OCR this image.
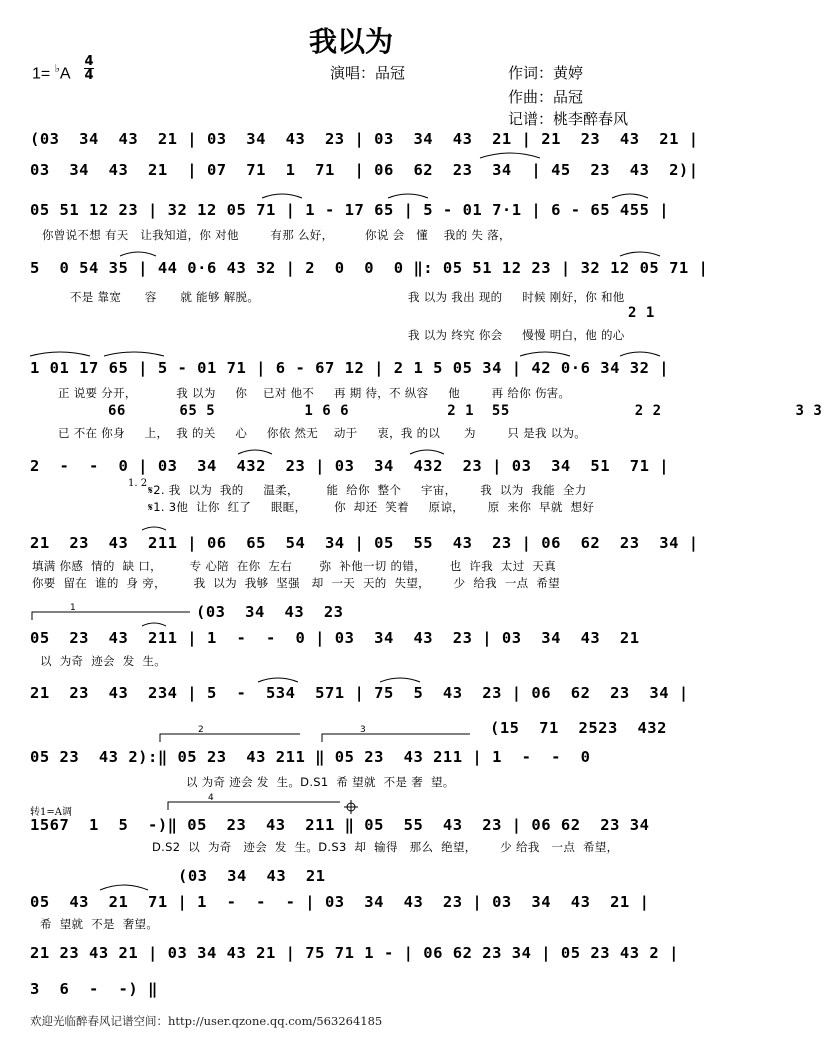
我以为
1= ♭A
4
4	演唱：品冠	作词：黄婷
作曲：品冠
记谱：桃李醉春风
(03  34  43  21 | 03  34  43  23 | 03  34  43  21 | 21  23  43  21 |
03  34  43  21  | 07  71  1  71  | 06  62  23  34  | 45  23  43  2)|
05 51 12 23 | 32 12 05 71 | 1 - 17 65 | 5 - 01 7·1 | 6 - 65 455 |
你曾说不想 有天   让我知道，你 对他        有那 么好，        你说 会   懂    我的 失 落，
5  0 54 35 | 44 0·6 43 32 | 2  0  0  0 ‖: 05 51 12 23 | 32 12 05 71 |
不是 靠宽      容      就 能够 解脱。	我 以为 我出 现的     时候 刚好，你 和他
2 1
我 以为 终究 你会     慢慢 明白，他 的心
1 01 17 65 | 5 - 01 71 | 6 - 67 12 | 2 1 5 05 34 | 42 0·6 34 32 |
正 说要 分开，          我 以为     你    已对 他不     再 期 待，不 纵容     他        再 给你 伤害。
66      65 5          1 6 6           2 1  55              2 2               3 3
已 不在 你身     上，  我 的关     心     你依 然无    动于     衷，我 的以      为        只 是我 以为。
2  -  -  0 | 03  34  432  23 | 03  34  432  23 | 03  34  51  71 |
1. 2 𝄋2. 我  以为  我的     温柔，       能  给你  整个     宇宙，      我  以为  我能  全力
𝄋1. 3他  让你  红了     眼眶，       你  却还  笑着     原谅，      原  来你  早就  想好
21  23  43  211 | 06  65  54  34 | 05  55  43  23 | 06  62  23  34 |
填满 你感  情的  缺 口，       专 心陪  在你  左右       弥  补他一切 的错，      也  许我  太过  天真
你要  留在  谁的  身 旁，       我  以为  我够  坚强   却  一天  天的  失望，      少  给我  一点  希望
(03  34  43  23
05  23  43  211 | 1  -  -  0 | 03  34  43  23 | 03  34  43  21
以  为奇  迹会  发  生。
21  23  43  234 | 5  -  534  571 | 75  5  43  23 | 06  62  23  34 |
(15  71  2523  432
05 23  43 2):‖ 05 23  43 211 ‖ 05 23  43 211 | 1  -  -  0
以 为奇 迹会 发  生。D.S1  希 望就  不是 奢  望。
转1=A调
1567  1  5  -)‖ 05  23  43  211 ‖ 05  55  43  23 | 06 62  23 34
D.S2  以  为奇   迹会  发  生。D.S3  却  输得   那么  绝望，      少 给我   一点  希望，
(03  34  43  21
05  43  21  71 | 1  -  -  - | 03  34  43  23 | 03  34  43  21 |
希  望就  不是  奢望。
21 23 43 21 | 03 34 43 21 | 75 71 1 - | 06 62 23 34 | 05 23 43 2 |
3  6  -  -) ‖
欢迎光临醉春风记谱空间：http://user.qzone.qq.com/563264185
1
2	3
4
